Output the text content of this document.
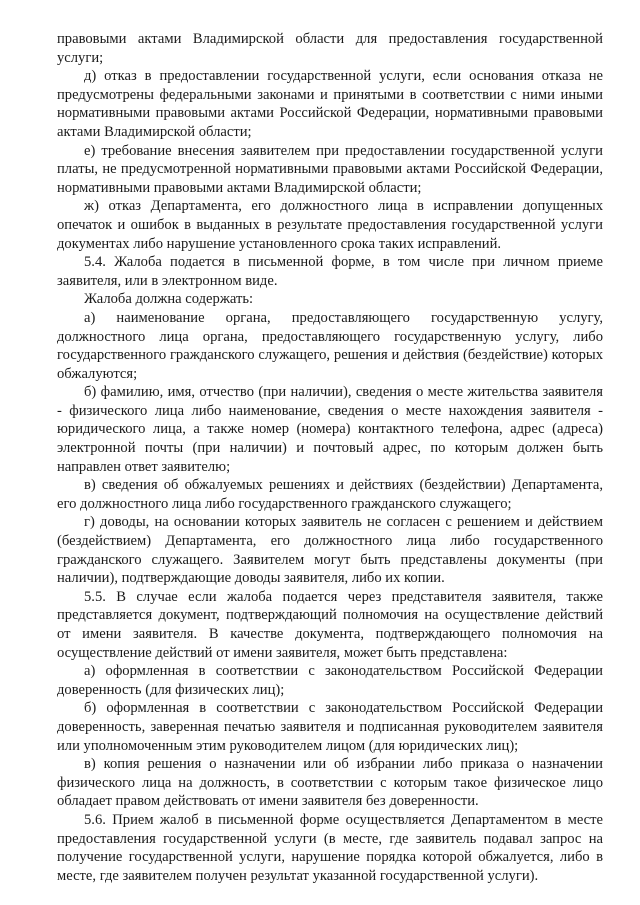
правовыми актами Владимирской области для предоставления государственной услуги;

д) отказ в предоставлении государственной услуги, если основания отказа не предусмотрены федеральными законами и принятыми в соответствии с ними иными нормативными правовыми актами Российской Федерации, нормативными правовыми актами Владимирской области;

е) требование внесения заявителем при предоставлении государственной услуги платы, не предусмотренной нормативными правовыми актами Российской Федерации, нормативными правовыми актами Владимирской области;

ж) отказ Департамента, его должностного лица в исправлении допущенных опечаток и ошибок в выданных в результате предоставления государственной услуги документах либо нарушение установленного срока таких исправлений.

5.4. Жалоба подается в письменной форме, в том числе при личном приеме заявителя, или в электронном виде.

Жалоба должна содержать:

а) наименование органа, предоставляющего государственную услугу, должностного лица органа, предоставляющего государственную услугу, либо государственного гражданского служащего, решения и действия (бездействие) которых обжалуются;

б) фамилию, имя, отчество (при наличии), сведения о месте жительства заявителя - физического лица либо наименование, сведения о месте нахождения заявителя - юридического лица, а также номер (номера) контактного телефона, адрес (адреса) электронной почты (при наличии) и почтовый адрес, по которым должен быть направлен ответ заявителю;

в) сведения об обжалуемых решениях и действиях (бездействии) Департамента, его должностного лица либо государственного гражданского служащего;

г) доводы, на основании которых заявитель не согласен с решением и действием (бездействием) Департамента, его должностного лица либо государственного гражданского служащего. Заявителем могут быть представлены документы (при наличии), подтверждающие доводы заявителя, либо их копии.

5.5. В случае если жалоба подается через представителя заявителя, также представляется документ, подтверждающий полномочия на осуществление действий от имени заявителя. В качестве документа, подтверждающего полномочия на осуществление действий от имени заявителя, может быть представлена:

а) оформленная в соответствии с законодательством Российской Федерации доверенность (для физических лиц);

б) оформленная в соответствии с законодательством Российской Федерации доверенность, заверенная печатью заявителя и подписанная руководителем заявителя или уполномоченным этим руководителем лицом (для юридических лиц);

в) копия решения о назначении или об избрании либо приказа о назначении физического лица на должность, в соответствии с которым такое физическое лицо обладает правом действовать от имени заявителя без доверенности.

5.6. Прием жалоб в письменной форме осуществляется Департаментом в месте предоставления государственной услуги (в месте, где заявитель подавал запрос на получение государственной услуги, нарушение порядка которой обжалуется, либо в месте, где заявителем получен результат указанной государственной услуги).
